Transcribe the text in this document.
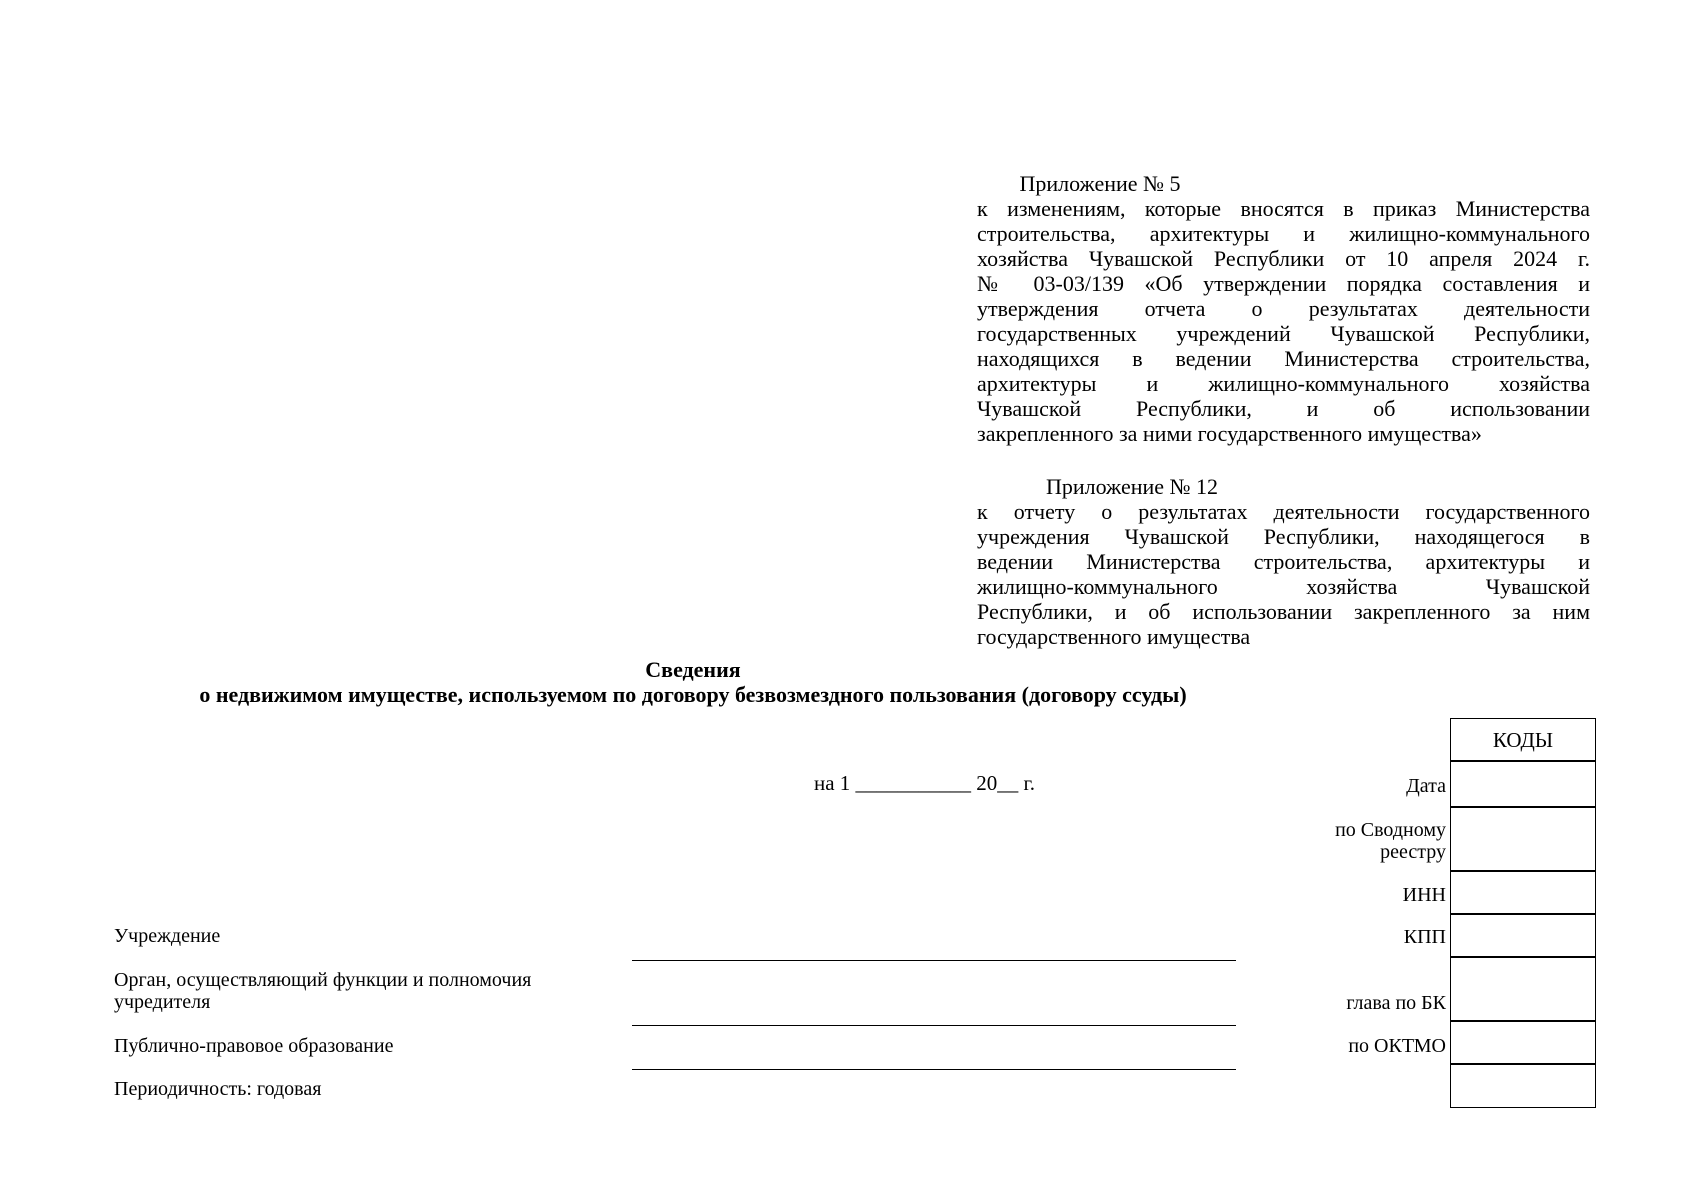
Приложение № 5
к изменениям, которые вносятся в приказ Министерства
строительства, архитектуры и жилищно-коммунального
хозяйства Чувашской Республики от 10 апреля 2024 г.
№ 03-03/139 «Об утверждении порядка составления и
утверждения отчета о результатах деятельности
государственных учреждений Чувашской Республики,
находящихся в ведении Министерства строительства,
архитектуры и жилищно-коммунального хозяйства
Чувашской Республики, и об использовании
закрепленного за ними государственного имущества»
Приложение № 12
к отчету о результатах деятельности государственного
учреждения Чувашской Республики, находящегося в
ведении Министерства строительства, архитектуры и
жилищно-коммунального хозяйства Чувашской
Республики, и об использовании закрепленного за ним
государственного имущества
Сведения
о недвижимом имуществе, используемом по договору безвозмездного пользования (договору ссуды)
на 1 ___________ 20__ г.
Учреждение
Орган, осуществляющий функции и полномочия
учредителя
Публично-правовое образование
Периодичность: годовая
Дата
по Сводному
реестру
ИНН
КПП
глава по БК
по ОКТМО
КОДЫ
